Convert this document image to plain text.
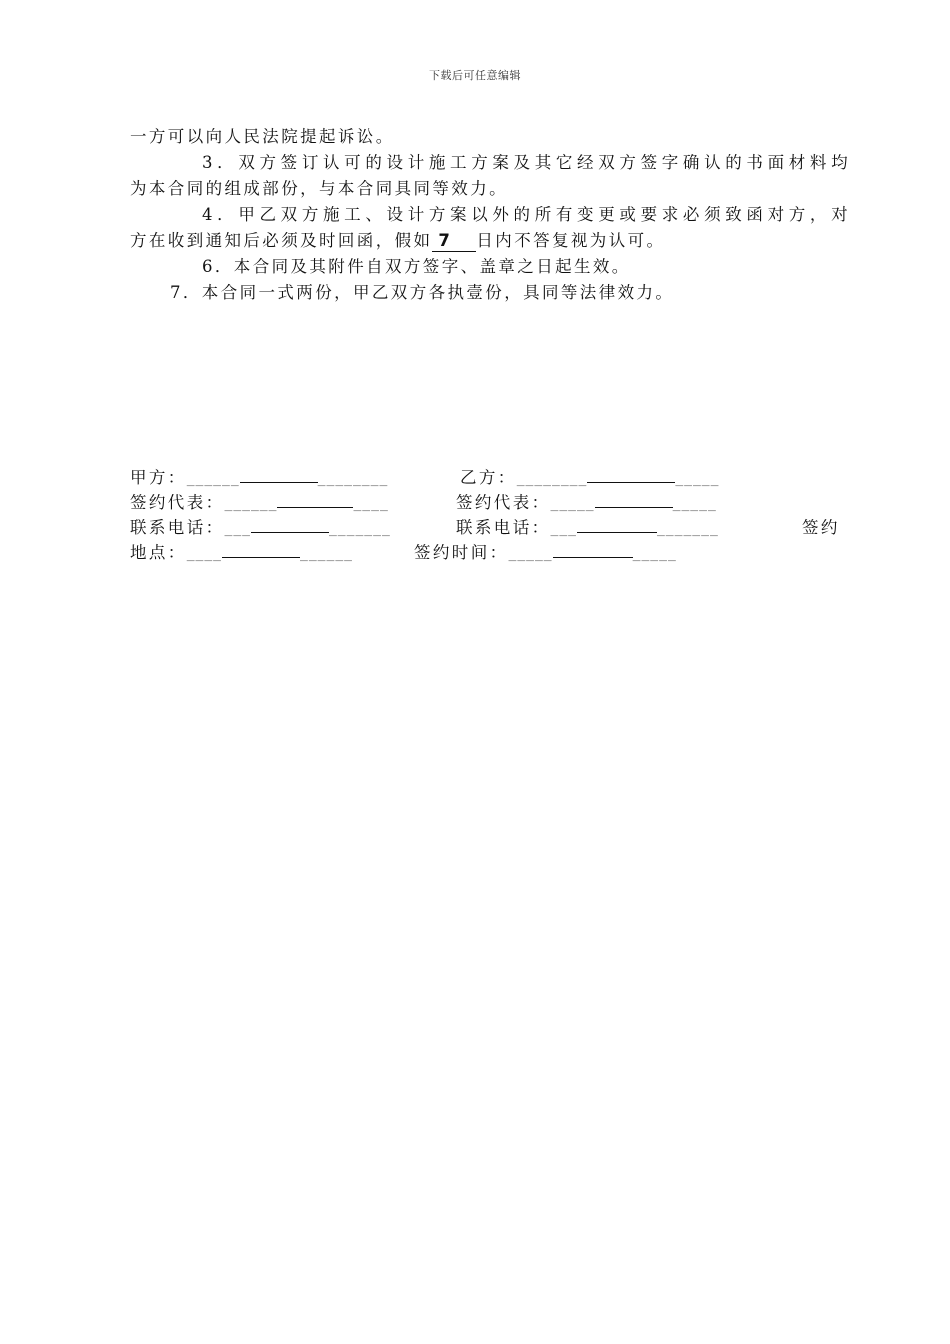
下载后可任意编辑
一方可以向人民法院提起诉讼。
3．双方签订认可的设计施工方案及其它经双方签字确认的书面材料均
为本合同的组成部份，与本合同具同等效力。
4．甲乙双方施工、设计方案以外的所有变更或要求必须致函对方，对
方在收到通知后必须及时回函，假如 7 日内不答复视为认可。
6．本合同及其附件自双方签字、盖章之日起生效。
7．本合同一式两份，甲乙双方各执壹份，具同等法律效力。
甲方：______	________	乙方：________	_____
签约代表：______	____	签约代表：_____	_____
联系电话：___	_______	联系电话：___	_______	签约
地点：____	______	签约时间：_____	_____
